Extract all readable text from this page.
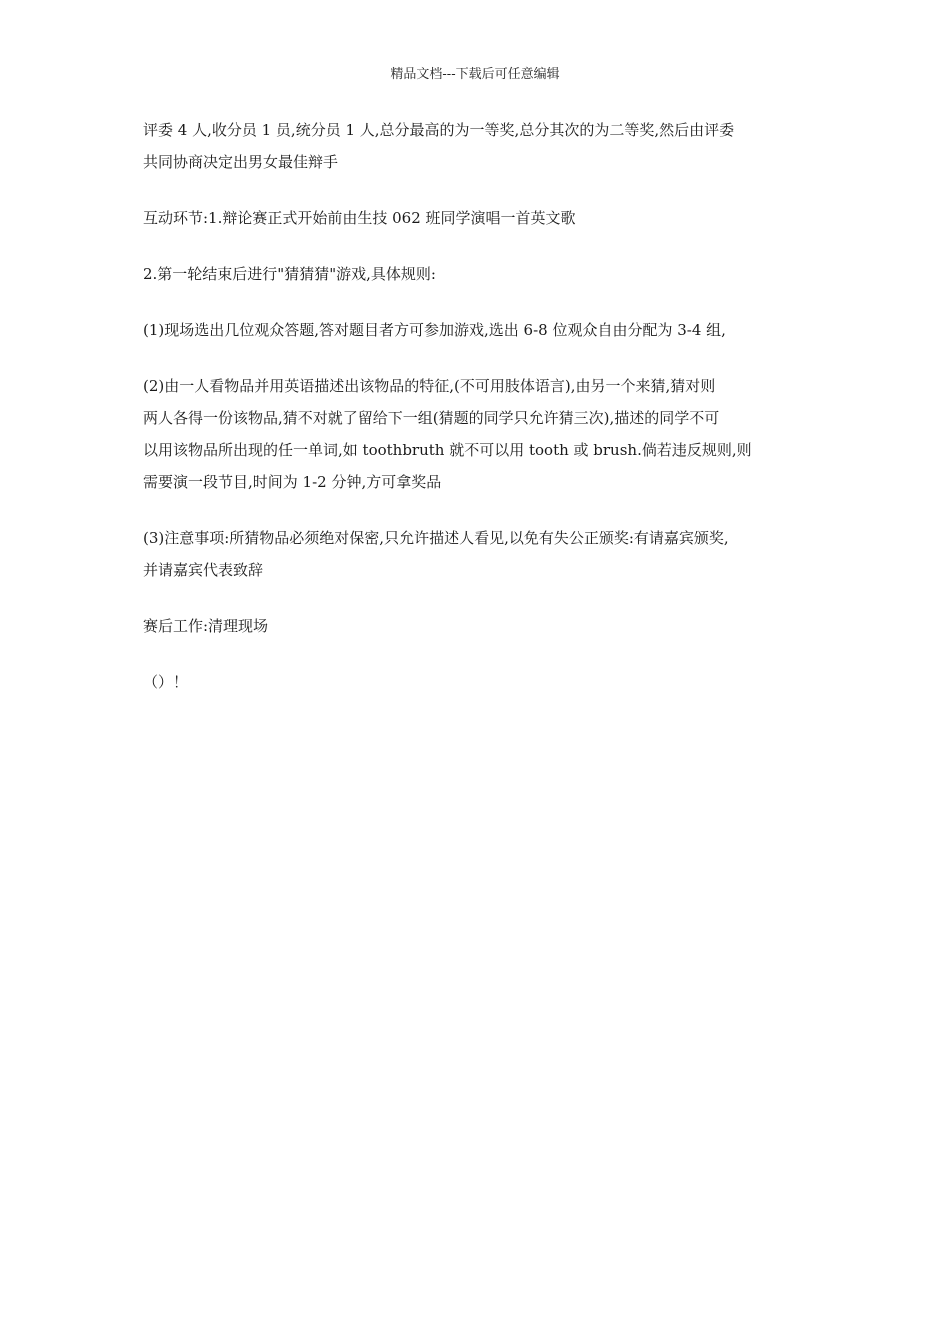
精品文档---下载后可任意编辑

评委 4 人,收分员 1 员,统分员 1 人,总分最高的为一等奖,总分其次的为二等奖,然后由评委
共同协商决定出男女最佳辩手

互动环节:1.辩论赛正式开始前由生技 062 班同学演唱一首英文歌

2.第一轮结束后进行"猜猜猜"游戏,具体规则:

(1)现场选出几位观众答题,答对题目者方可参加游戏,选出 6-8 位观众自由分配为 3-4 组,

(2)由一人看物品并用英语描述出该物品的特征,(不可用肢体语言),由另一个来猜,猜对则
两人各得一份该物品,猜不对就了留给下一组(猜题的同学只允许猜三次),描述的同学不可
以用该物品所出现的任一单词,如 toothbruth 就不可以用 tooth 或 brush.倘若违反规则,则
需要演一段节目,时间为 1-2 分钟,方可拿奖品

(3)注意事项:所猜物品必须绝对保密,只允许描述人看见,以免有失公正颁奖:有请嘉宾颁奖,
并请嘉宾代表致辞

赛后工作:清理现场

（）！
